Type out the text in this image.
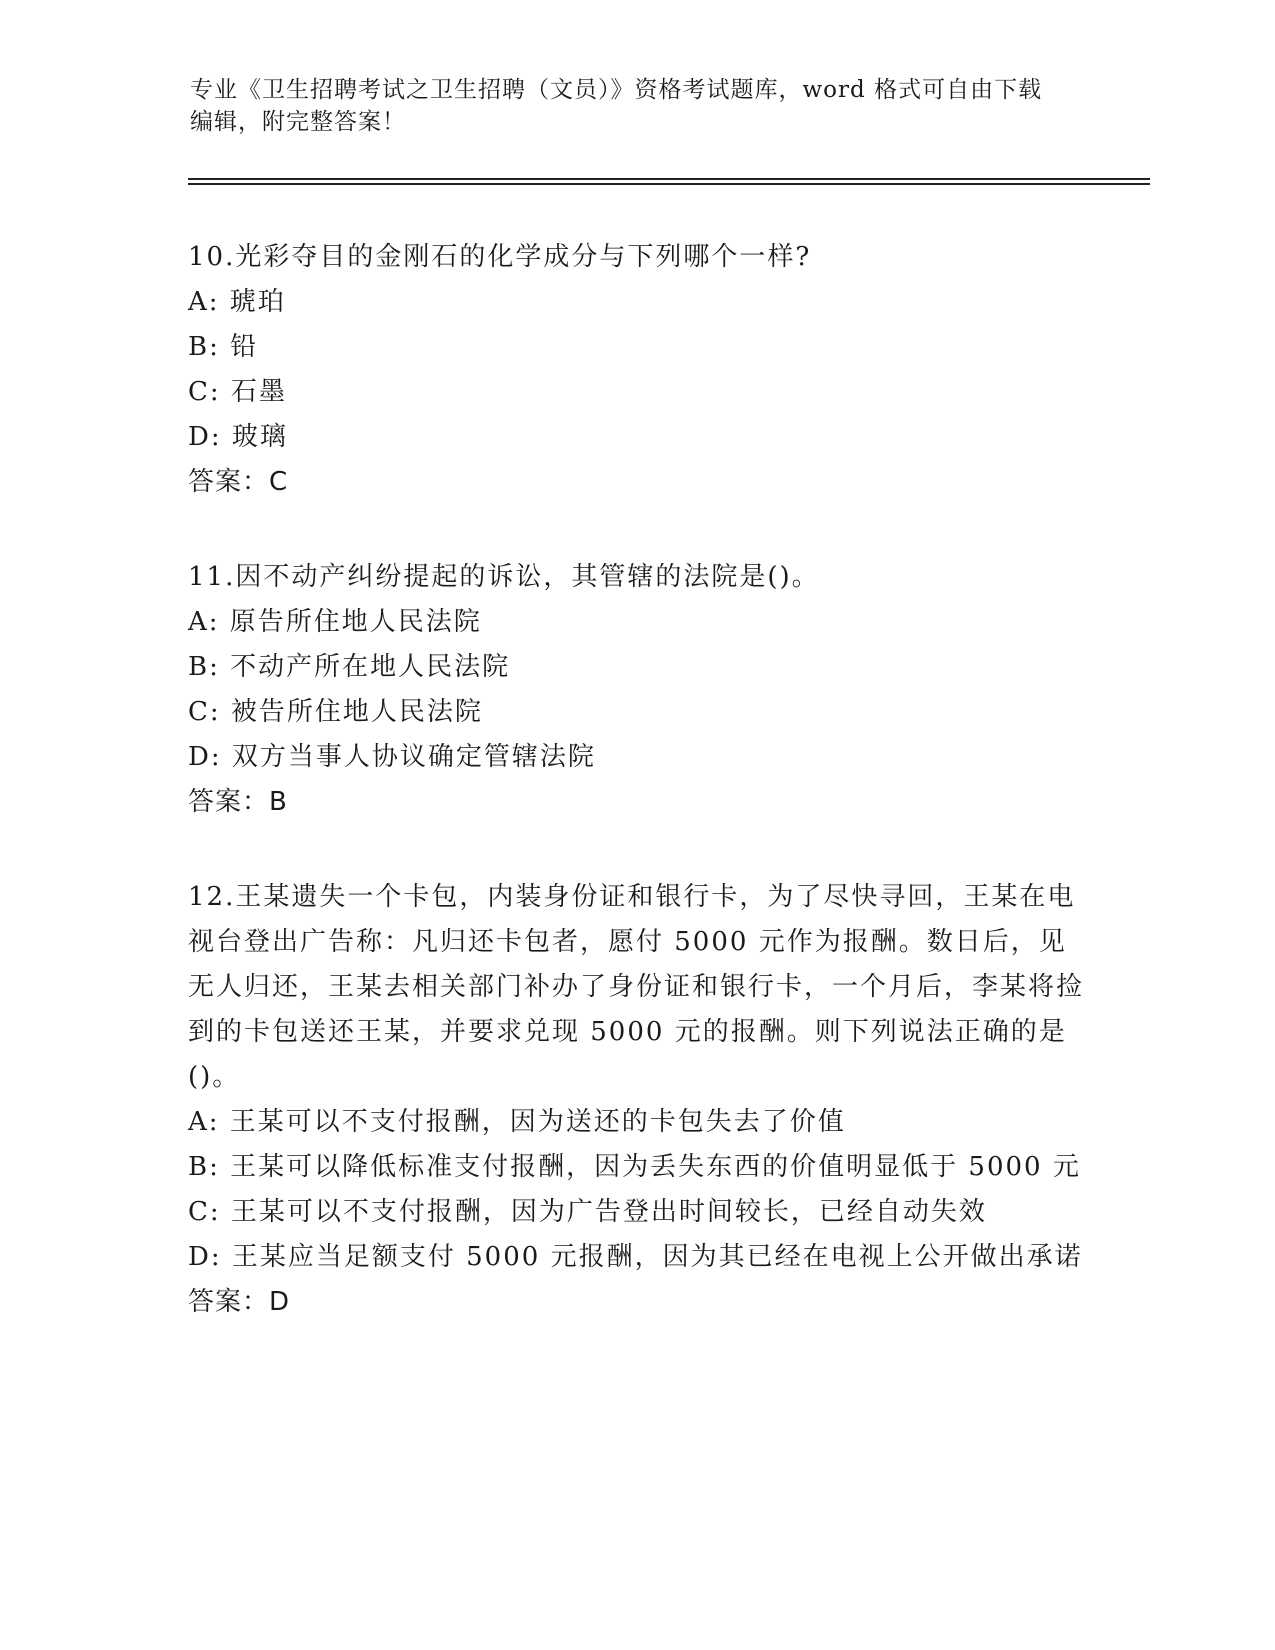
专业《卫生招聘考试之卫生招聘（文员）》资格考试题库，word 格式可自由下载
编辑，附完整答案！
10.光彩夺目的金刚石的化学成分与下列哪个一样?
A: 琥珀
B: 铅
C: 石墨
D: 玻璃
答案：C
11.因不动产纠纷提起的诉讼，其管辖的法院是()。
A: 原告所住地人民法院
B: 不动产所在地人民法院
C: 被告所住地人民法院
D: 双方当事人协议确定管辖法院
答案：B
12.王某遗失一个卡包，内装身份证和银行卡，为了尽快寻回，王某在电视台登出广告称：凡归还卡包者，愿付 5000 元作为报酬。数日后，见无人归还，王某去相关部门补办了身份证和银行卡，一个月后，李某将捡到的卡包送还王某，并要求兑现 5000 元的报酬。则下列说法正确的是()。
A: 王某可以不支付报酬，因为送还的卡包失去了价值
B: 王某可以降低标准支付报酬，因为丢失东西的价值明显低于 5000 元
C: 王某可以不支付报酬，因为广告登出时间较长，已经自动失效
D: 王某应当足额支付 5000 元报酬，因为其已经在电视上公开做出承诺
答案：D
